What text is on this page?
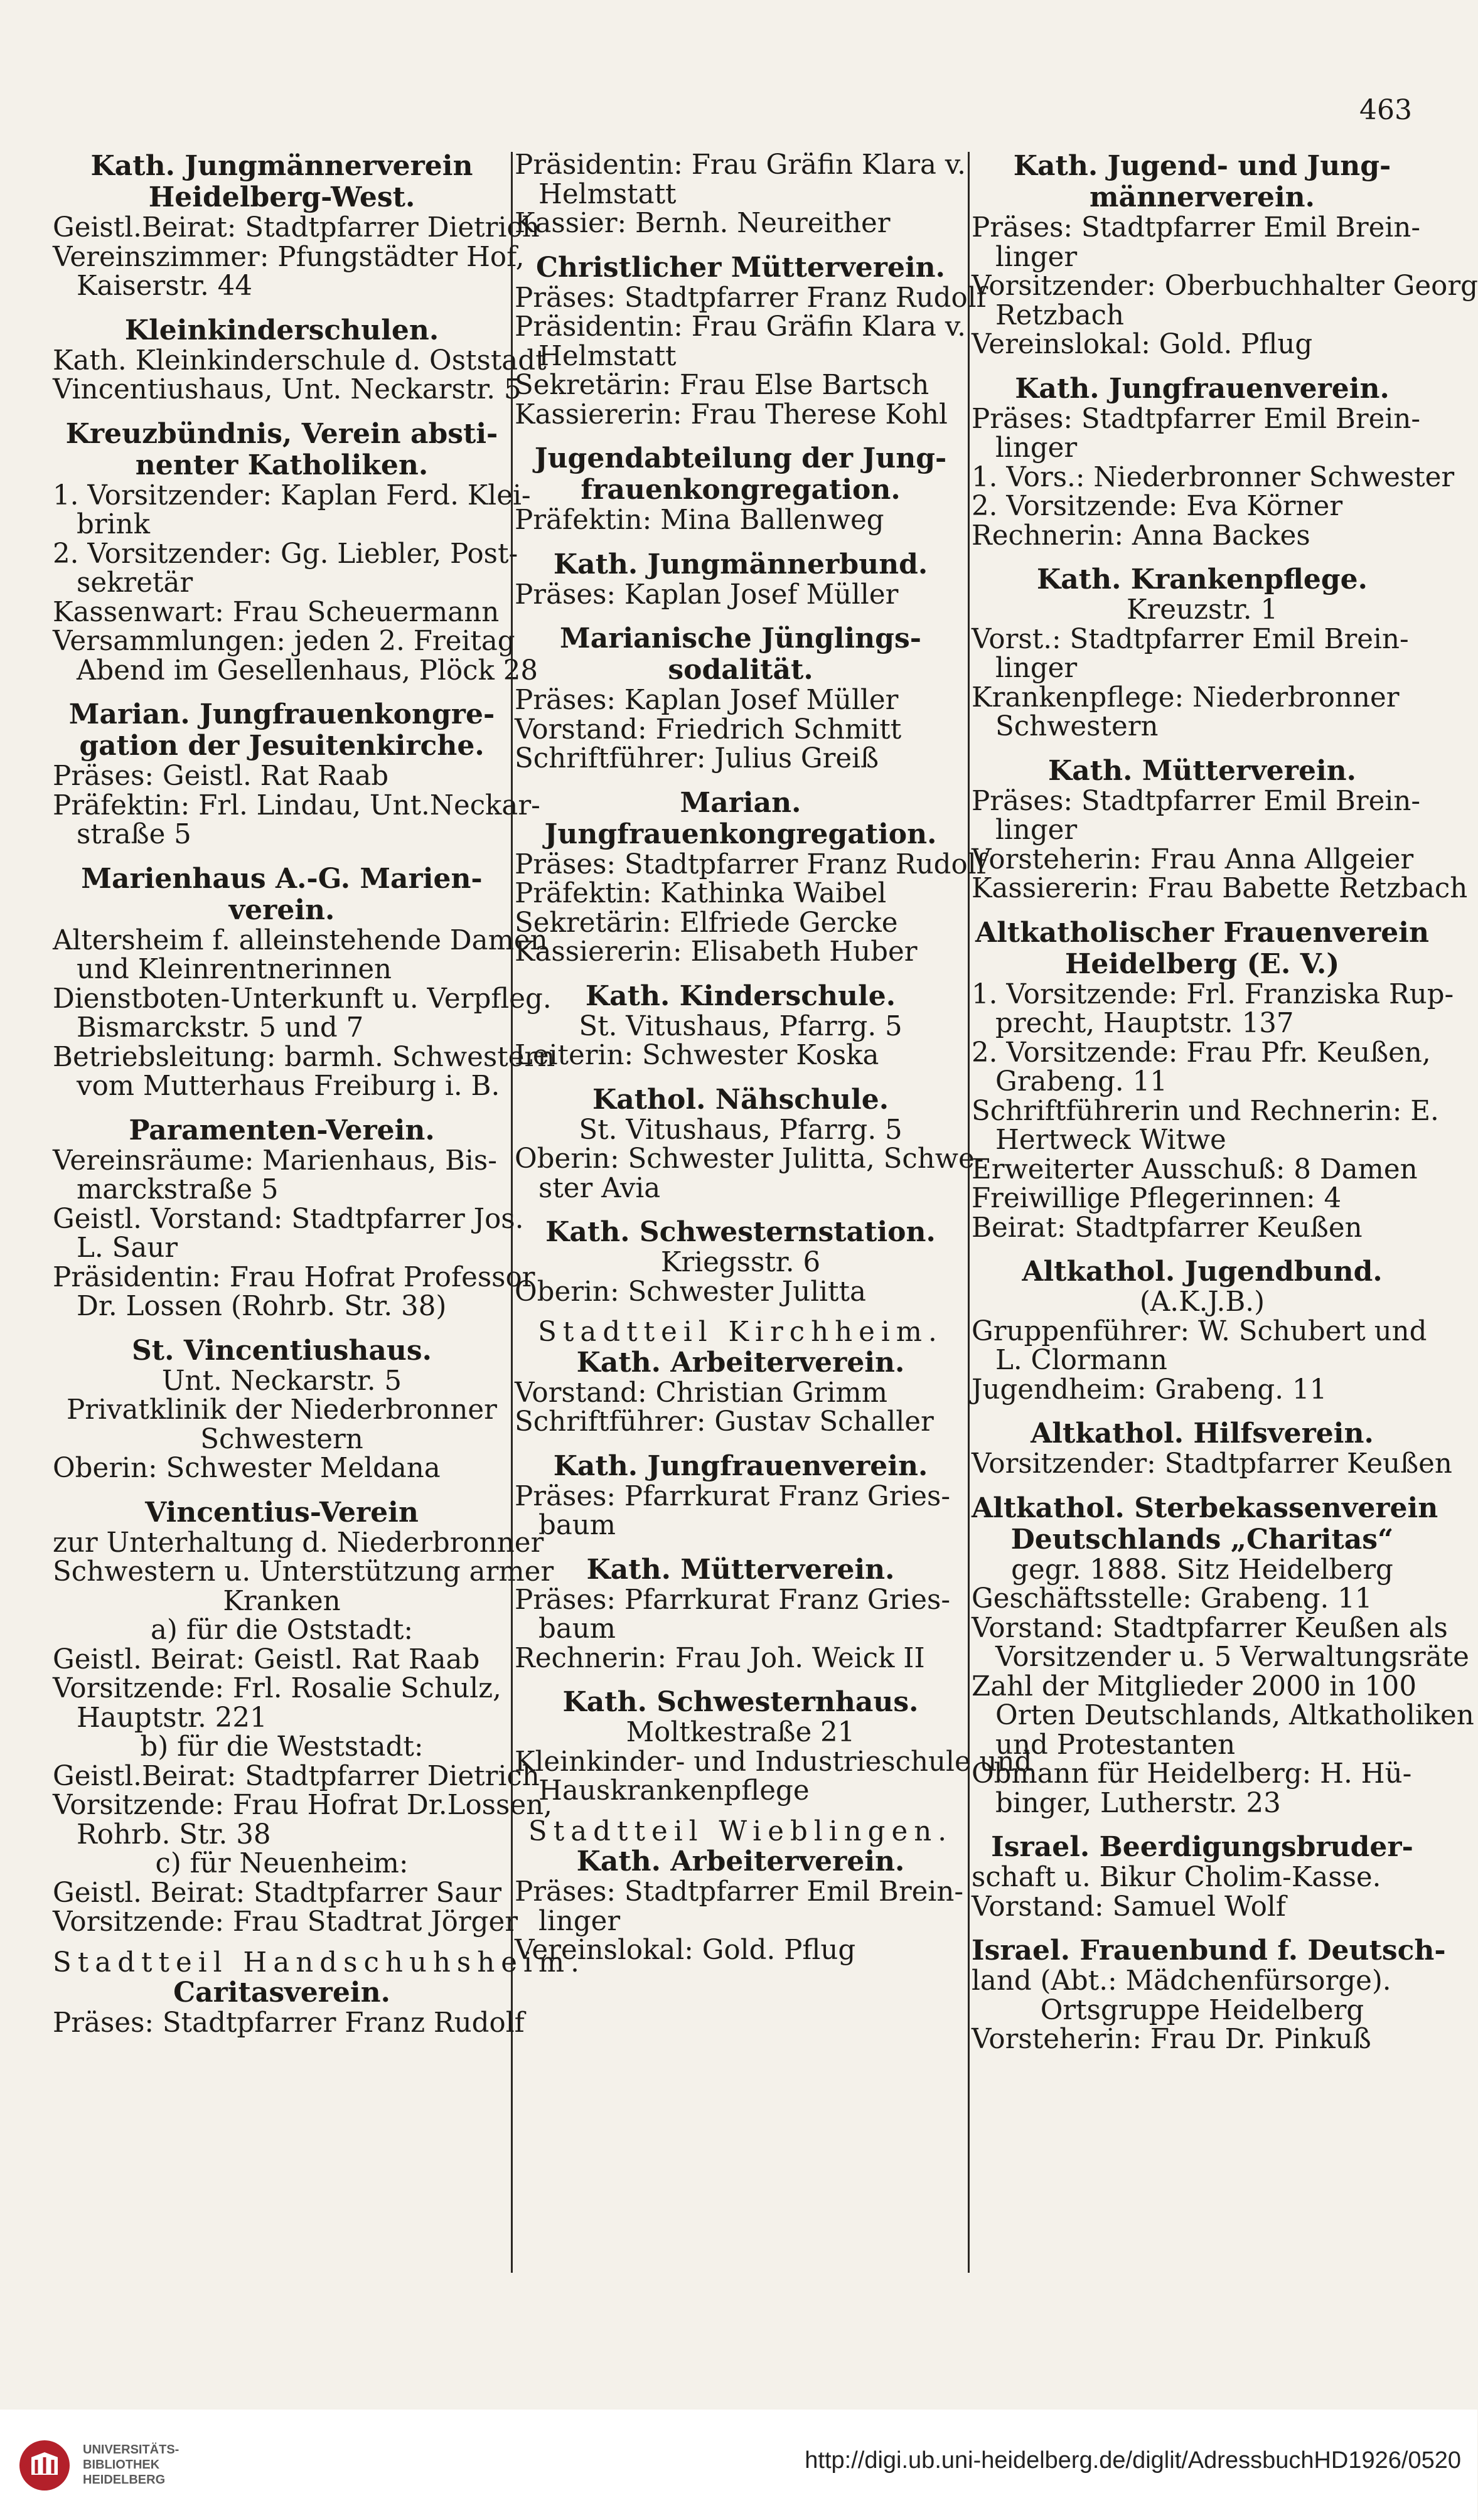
463
Kath. Jungmännerverein
Heidelberg-West.
Geistl.Beirat: Stadtpfarrer Dietrich
Vereinszimmer: Pfungstädter Hof,
Kaiserstr. 44
Kleinkinderschulen.
Kath. Kleinkinderschule d. Oststadt
Vincentiushaus, Unt. Neckarstr. 5
Kreuzbündnis, Verein absti-
nenter Katholiken.
1. Vorsitzender: Kaplan Ferd. Klei-
brink
2. Vorsitzender: Gg. Liebler, Post-
sekretär
Kassenwart: Frau Scheuermann
Versammlungen: jeden 2. Freitag
Abend im Gesellenhaus, Plöck 28
Marian. Jungfrauenkongre-
gation der Jesuitenkirche.
Präses: Geistl. Rat Raab
Präfektin: Frl. Lindau, Unt.Neckar-
straße 5
Marienhaus A.-G. Marien-
verein.
Altersheim f. alleinstehende Damen
und Kleinrentnerinnen
Dienstboten-Unterkunft u. Verpfleg.
Bismarckstr. 5 und 7
Betriebsleitung: barmh. Schwestern
vom Mutterhaus Freiburg i. B.
Paramenten-Verein.
Vereinsräume: Marienhaus, Bis-
marckstraße 5
Geistl. Vorstand: Stadtpfarrer Jos.
L. Saur
Präsidentin: Frau Hofrat Professor
Dr. Lossen (Rohrb. Str. 38)
St. Vincentiushaus.
Unt. Neckarstr. 5
Privatklinik der Niederbronner
Schwestern
Oberin: Schwester Meldana
Vincentius-Verein
zur Unterhaltung d. Niederbronner
Schwestern u. Unterstützung armer
Kranken
a) für die Oststadt:
Geistl. Beirat: Geistl. Rat Raab
Vorsitzende: Frl. Rosalie Schulz,
Hauptstr. 221
b) für die Weststadt:
Geistl.Beirat: Stadtpfarrer Dietrich
Vorsitzende: Frau Hofrat Dr.Lossen,
Rohrb. Str. 38
c) für Neuenheim:
Geistl. Beirat: Stadtpfarrer Saur
Vorsitzende: Frau Stadtrat Jörger
Stadtteil Handschuhsheim.
Caritasverein.
Präses: Stadtpfarrer Franz Rudolf
Präsidentin: Frau Gräfin Klara v.
Helmstatt
Kassier: Bernh. Neureither
Christlicher Mütterverein.
Präses: Stadtpfarrer Franz Rudolf
Präsidentin: Frau Gräfin Klara v.
Helmstatt
Sekretärin: Frau Else Bartsch
Kassiererin: Frau Therese Kohl
Jugendabteilung der Jung-
frauenkongregation.
Präfektin: Mina Ballenweg
Kath. Jungmännerbund.
Präses: Kaplan Josef Müller
Marianische Jünglings-
sodalität.
Präses: Kaplan Josef Müller
Vorstand: Friedrich Schmitt
Schriftführer: Julius Greiß
Marian.
Jungfrauenkongregation.
Präses: Stadtpfarrer Franz Rudolf
Präfektin: Kathinka Waibel
Sekretärin: Elfriede Gercke
Kassiererin: Elisabeth Huber
Kath. Kinderschule.
St. Vitushaus, Pfarrg. 5
Leiterin: Schwester Koska
Kathol. Nähschule.
St. Vitushaus, Pfarrg. 5
Oberin: Schwester Julitta, Schwe-
ster Avia
Kath. Schwesternstation.
Kriegsstr. 6
Oberin: Schwester Julitta
Stadtteil Kirchheim.
Kath. Arbeiterverein.
Vorstand: Christian Grimm
Schriftführer: Gustav Schaller
Kath. Jungfrauenverein.
Präses: Pfarrkurat Franz Gries-
baum
Kath. Mütterverein.
Präses: Pfarrkurat Franz Gries-
baum
Rechnerin: Frau Joh. Weick II
Kath. Schwesternhaus.
Moltkestraße 21
Kleinkinder- und Industrieschule und
Hauskrankenpflege
Stadtteil Wieblingen.
Kath. Arbeiterverein.
Präses: Stadtpfarrer Emil Brein-
linger
Vereinslokal: Gold. Pflug
Kath. Jugend- und Jung-
männerverein.
Präses: Stadtpfarrer Emil Brein-
linger
Vorsitzender: Oberbuchhalter Georg
Retzbach
Vereinslokal: Gold. Pflug
Kath. Jungfrauenverein.
Präses: Stadtpfarrer Emil Brein-
linger
1. Vors.: Niederbronner Schwester
2. Vorsitzende: Eva Körner
Rechnerin: Anna Backes
Kath. Krankenpflege.
Kreuzstr. 1
Vorst.: Stadtpfarrer Emil Brein-
linger
Krankenpflege: Niederbronner
Schwestern
Kath. Mütterverein.
Präses: Stadtpfarrer Emil Brein-
linger
Vorsteherin: Frau Anna Allgeier
Kassiererin: Frau Babette Retzbach
Altkatholischer Frauenverein
Heidelberg (E. V.)
1. Vorsitzende: Frl. Franziska Rup-
precht, Hauptstr. 137
2. Vorsitzende: Frau Pfr. Keußen,
Grabeng. 11
Schriftführerin und Rechnerin: E.
Hertweck Witwe
Erweiterter Ausschuß: 8 Damen
Freiwillige Pflegerinnen: 4
Beirat: Stadtpfarrer Keußen
Altkathol. Jugendbund.
(A.K.J.B.)
Gruppenführer: W. Schubert und
L. Clormann
Jugendheim: Grabeng. 11
Altkathol. Hilfsverein.
Vorsitzender: Stadtpfarrer Keußen
Altkathol. Sterbekassenverein
Deutschlands „Charitas“
gegr. 1888. Sitz Heidelberg
Geschäftsstelle: Grabeng. 11
Vorstand: Stadtpfarrer Keußen als
Vorsitzender u. 5 Verwaltungsräte
Zahl der Mitglieder 2000 in 100
Orten Deutschlands, Altkatholiken
und Protestanten
Obmann für Heidelberg: H. Hü-
binger, Lutherstr. 23
Israel. Beerdigungsbruder-
schaft u. Bikur Cholim-Kasse.
Vorstand: Samuel Wolf
Israel. Frauenbund f. Deutsch-
land (Abt.: Mädchenfürsorge).
Ortsgruppe Heidelberg
Vorsteherin: Frau Dr. Pinkuß
UNIVERSITÄTS-
BIBLIOTHEK
HEIDELBERG
http://digi.ub.uni-heidelberg.de/diglit/AdressbuchHD1926/0520
